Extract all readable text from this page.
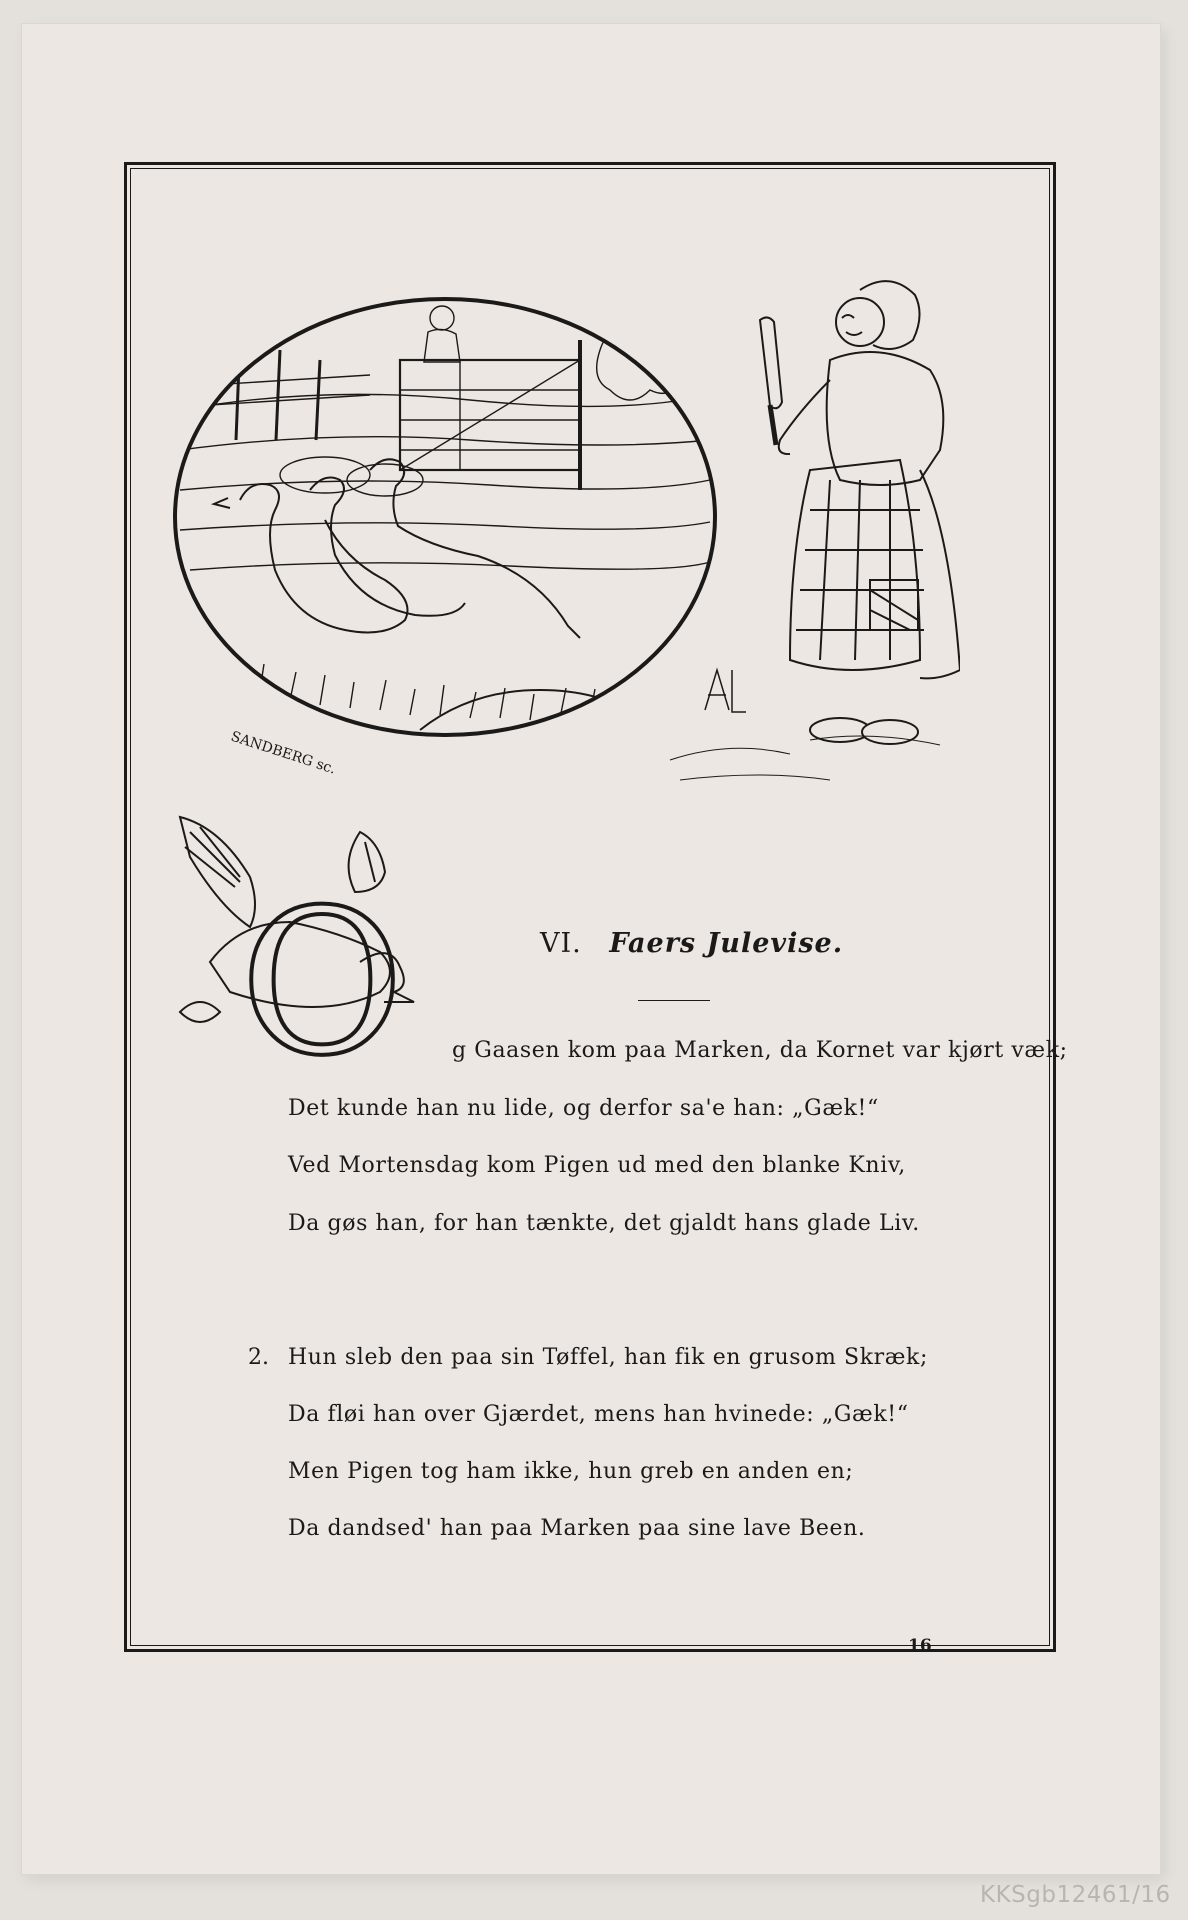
SANDBERG sc.
O	VI. Faers Julevise.
g Gaasen kom paa Marken, da Kornet var kjørt væk;
Det kunde han nu lide, og derfor sa'e han: „Gæk!“
Ved Mortensdag kom Pigen ud med den blanke Kniv,
Da gøs han, for han tænkte, det gjaldt hans glade Liv.
2. Hun sleb den paa sin Tøffel, han fik en grusom Skræk;
Da fløi han over Gjærdet, mens han hvinede: „Gæk!“
Men Pigen tog ham ikke, hun greb en anden en;
Da dandsed' han paa Marken paa sine lave Been.
16
KKSgb12461/16
